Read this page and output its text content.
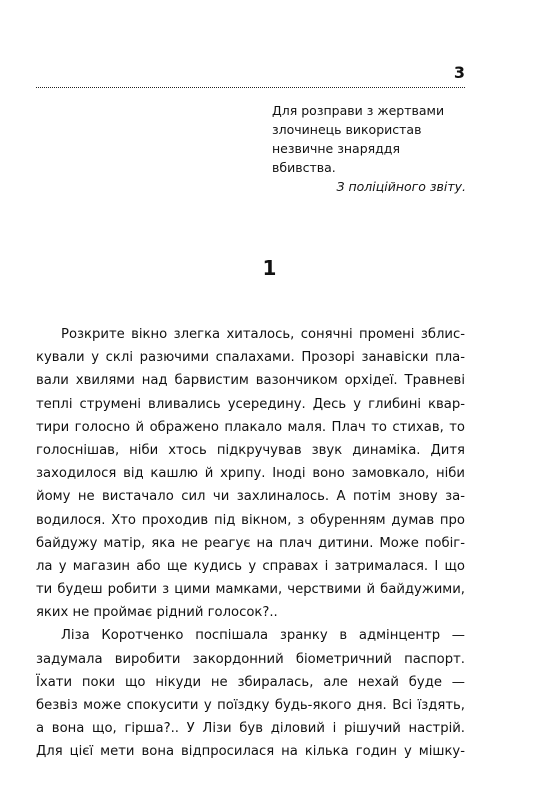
3
Для розправи з жертвами
злочинець використав
незвичне знаряддя
вбивства.
З поліційного звіту.
1
Розкрите вікно злегка хиталось, сонячні промені зблис-
кували у склі разючими спалахами. Прозорі занавіски пла-
вали хвилями над барвистим вазончиком орхідеї. Травневі
теплі струмені вливались усередину. Десь у глибині квар-
тири голосно й ображено плакало маля. Плач то стихав, то
голоснішав, ніби хтось підкручував звук динаміка. Дитя
заходилося від кашлю й хрипу. Іноді воно замовкало, ніби
йому не вистачало сил чи захлиналось. А потім знову за-
водилося. Хто проходив під вікном, з обуренням думав про
байдужу матір, яка не реагує на плач дитини. Може побіг-
ла у магазин або ще кудись у справах і затрималася. І що
ти будеш робити з цими мамками, черствими й байдужими,
яких не проймає рідний голосок?..
Ліза Коротченко поспішала зранку в адмінцентр —
задумала виробити закордонний біометричний паспорт.
Їхати поки що нікуди не збиралась, але нехай буде —
безвіз може спокусити у поїздку будь-якого дня. Всі їздять,
а вона що, гірша?.. У Лізи був діловий і рішучий настрій.
Для цієї мети вона відпросилася на кілька годин у мішку-
